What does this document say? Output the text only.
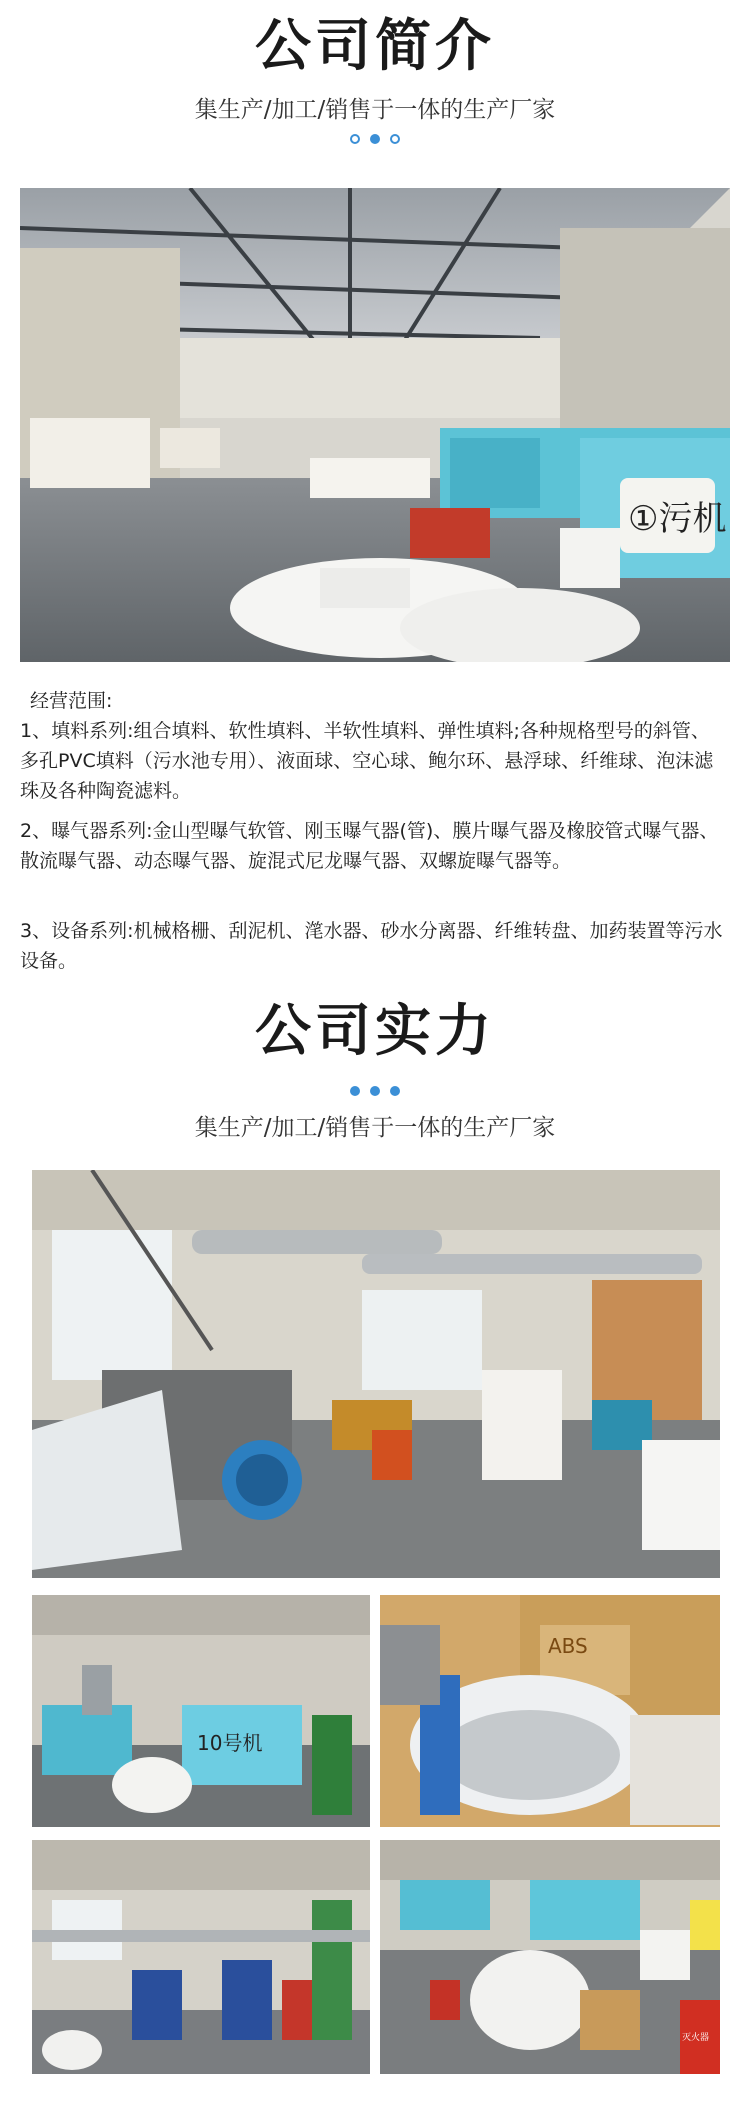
公司简介
集生产/加工/销售于一体的生产厂家
①污机
经营范围:
1、填料系列:组合填料、软性填料、半软性填料、弹性填料;各种规格型号的斜管、多孔PVC填料（污水池专用）、液面球、空心球、鲍尔环、悬浮球、纤维球、泡沫滤珠及各种陶瓷滤料。
2、曝气器系列:金山型曝气软管、刚玉曝气器(管)、膜片曝气器及橡胶管式曝气器、散流曝气器、动态曝气器、旋混式尼龙曝气器、双螺旋曝气器等。
3、设备系列:机械格栅、刮泥机、滗水器、砂水分离器、纤维转盘、加药装置等污水设备。
公司实力
集生产/加工/销售于一体的生产厂家
10号机
ABS
灭火器
